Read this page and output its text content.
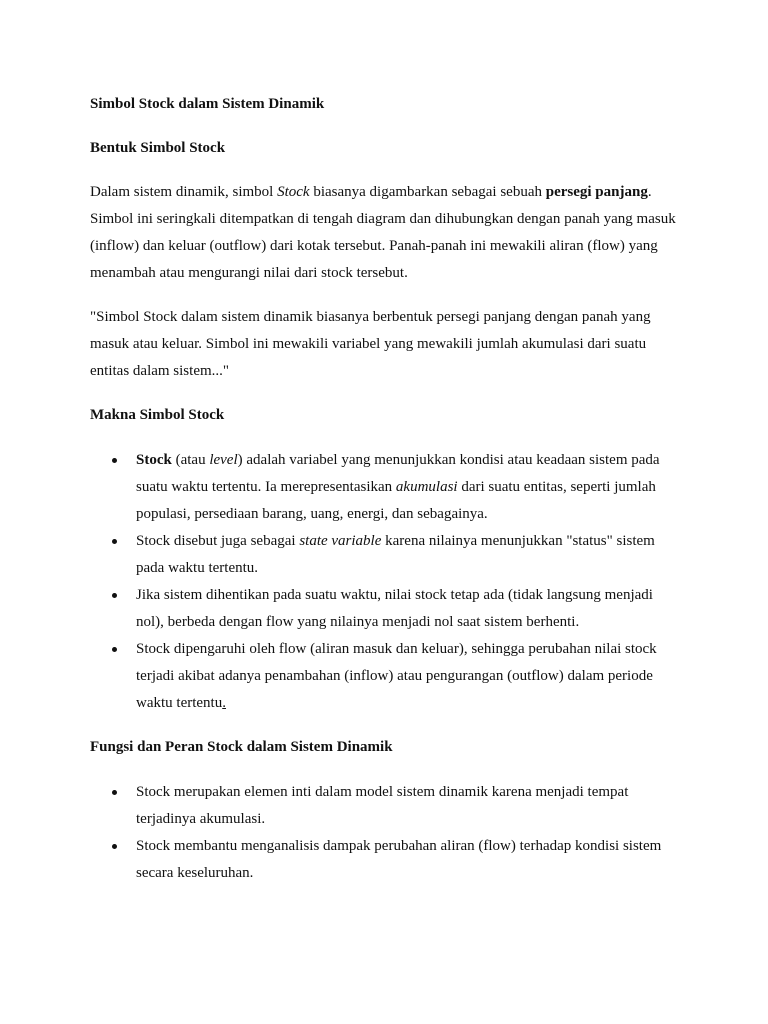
Simbol Stock dalam Sistem Dinamik

Bentuk Simbol Stock

Dalam sistem dinamik, simbol Stock biasanya digambarkan sebagai sebuah persegi panjang. Simbol ini seringkali ditempatkan di tengah diagram dan dihubungkan dengan panah yang masuk (inflow) dan keluar (outflow) dari kotak tersebut. Panah-panah ini mewakili aliran (flow) yang menambah atau mengurangi nilai dari stock tersebut.

"Simbol Stock dalam sistem dinamik biasanya berbentuk persegi panjang dengan panah yang masuk atau keluar. Simbol ini mewakili variabel yang mewakili jumlah akumulasi dari suatu entitas dalam sistem..."

Makna Simbol Stock

Stock (atau level) adalah variabel yang menunjukkan kondisi atau keadaan sistem pada suatu waktu tertentu. Ia merepresentasikan akumulasi dari suatu entitas, seperti jumlah populasi, persediaan barang, uang, energi, dan sebagainya.
Stock disebut juga sebagai state variable karena nilainya menunjukkan "status" sistem pada waktu tertentu.
Jika sistem dihentikan pada suatu waktu, nilai stock tetap ada (tidak langsung menjadi nol), berbeda dengan flow yang nilainya menjadi nol saat sistem berhenti.
Stock dipengaruhi oleh flow (aliran masuk dan keluar), sehingga perubahan nilai stock terjadi akibat adanya penambahan (inflow) atau pengurangan (outflow) dalam periode waktu tertentu.

Fungsi dan Peran Stock dalam Sistem Dinamik

Stock merupakan elemen inti dalam model sistem dinamik karena menjadi tempat terjadinya akumulasi.
Stock membantu menganalisis dampak perubahan aliran (flow) terhadap kondisi sistem secara keseluruhan.
